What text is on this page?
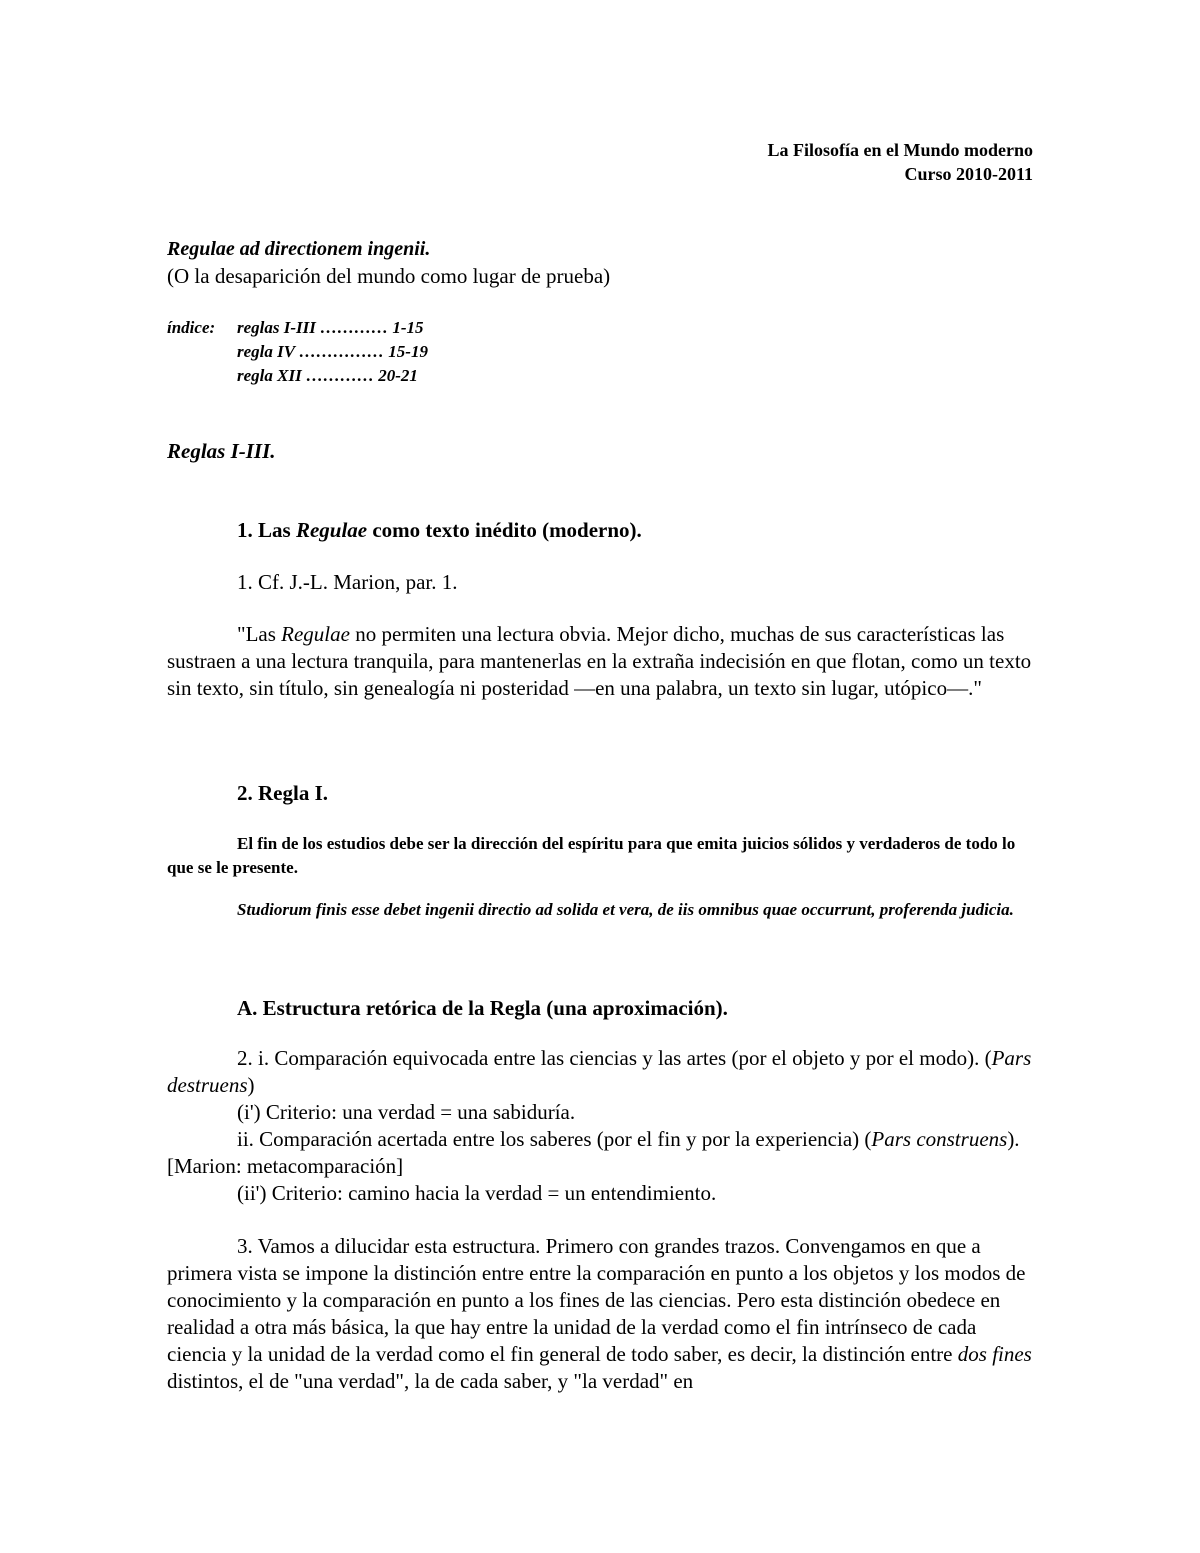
La Filosofía en el Mundo moderno
Curso 2010-2011
Regulae ad directionem ingenii.
(O la desaparición del mundo como lugar de prueba)
índice: reglas I-III ………… 1-15
regla IV …………… 15-19
regla XII ………… 20-21
Reglas I-III.
1. Las Regulae como texto inédito (moderno).
1. Cf. J.-L. Marion, par. 1.
"Las Regulae no permiten una lectura obvia. Mejor dicho, muchas de sus características las sustraen a una lectura tranquila, para mantenerlas en la extraña indecisión en que flotan, como un texto sin texto, sin título, sin genealogía ni posteridad —en una palabra, un texto sin lugar, utópico—."
2. Regla I.
El fin de los estudios debe ser la dirección del espíritu para que emita juicios sólidos y verdaderos de todo lo que se le presente.
Studiorum finis esse debet ingenii directio ad solida et vera, de iis omnibus quae occurrunt, proferenda judicia.
A. Estructura retórica de la Regla (una aproximación).
2. i. Comparación equivocada entre las ciencias y las artes (por el objeto y por el modo). (Pars destruens)
(i') Criterio: una verdad = una sabiduría.
ii. Comparación acertada entre los saberes (por el fin y por la experiencia) (Pars construens). [Marion: metacomparación]
(ii') Criterio: camino hacia la verdad = un entendimiento.
3. Vamos a dilucidar esta estructura. Primero con grandes trazos. Convengamos en que a primera vista se impone la distinción entre entre la comparación en punto a los objetos y los modos de conocimiento y la comparación en punto a los fines de las ciencias. Pero esta distinción obedece en realidad a otra más básica, la que hay entre la unidad de la verdad como el fin intrínseco de cada ciencia y la unidad de la verdad como el fin general de todo saber, es decir, la distinción entre dos fines distintos, el de "una verdad", la de cada saber, y "la verdad" en
